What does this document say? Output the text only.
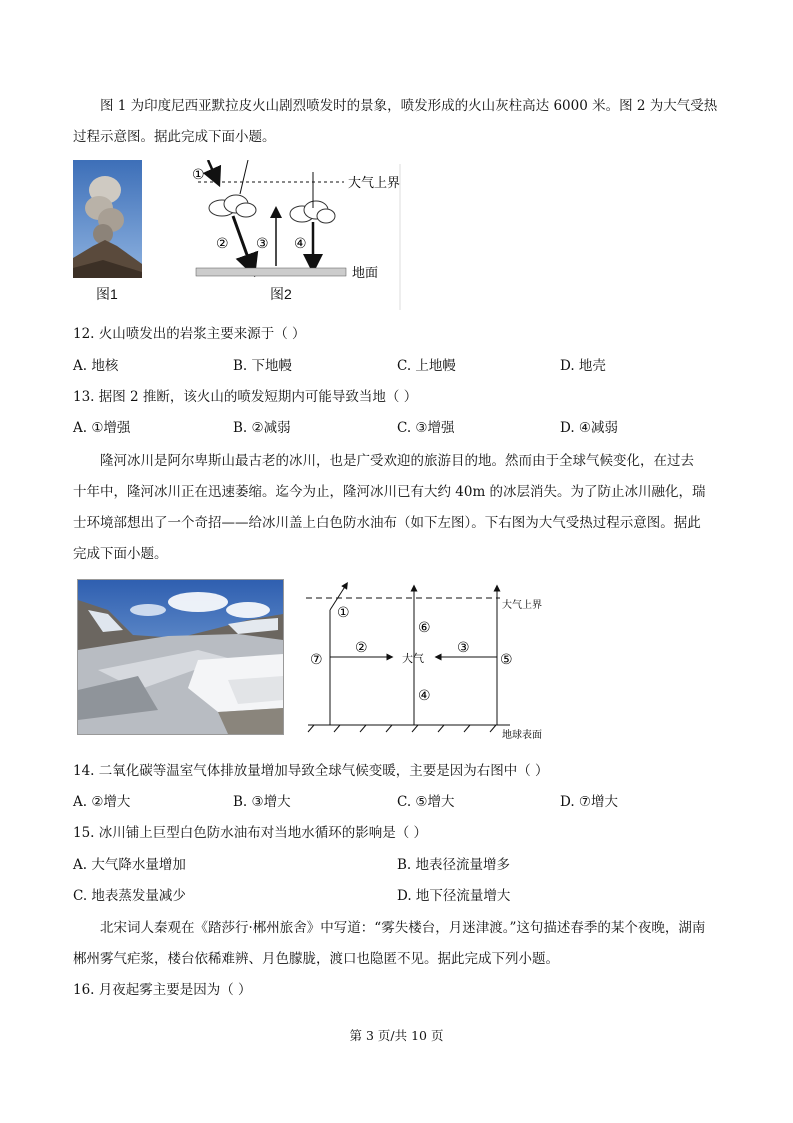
图 1 为印度尼西亚默拉皮火山剧烈喷发时的景象，喷发形成的火山灰柱高达 6000 米。图 2 为大气受热
过程示意图。据此完成下面小题。
图1
①
② ③ ④
大气上界
地面
图2
12. 火山喷发出的岩浆主要来源于（ ）
A. 地核	B. 下地幔	C. 上地幔	D. 地壳
13. 据图 2 推断，该火山的喷发短期内可能导致当地（ ）
A. ①增强	B. ②减弱	C. ③增强	D. ④减弱
隆河冰川是阿尔卑斯山最古老的冰川，也是广受欢迎的旅游目的地。然而由于全球气候变化，在过去
十年中，隆河冰川正在迅速萎缩。迄今为止，隆河冰川已有大约 40m 的冰层消失。为了防止冰川融化，瑞
士环境部想出了一个奇招——给冰川盖上白色防水油布（如下左图）。下右图为大气受热过程示意图。据此
完成下面小题。
①
②	③
④
⑤
⑥
⑦	大气
大气上界
地球表面
14. 二氧化碳等温室气体排放量增加导致全球气候变暖，主要是因为右图中（ ）
A. ②增大	B. ③增大	C. ⑤增大	D. ⑦增大
15. 冰川铺上巨型白色防水油布对当地水循环的影响是（ ）
A. 大气降水量增加	B. 地表径流量增多
C. 地表蒸发量减少	D. 地下径流量增大
北宋词人秦观在《踏莎行·郴州旅舍》中写道：“雾失楼台，月迷津渡。”这句描述春季的某个夜晚，湖南
郴州雾气疟浆，楼台依稀难辨、月色朦胧，渡口也隐匿不见。据此完成下列小题。
16. 月夜起雾主要是因为（ ）
第 3 页/共 10 页
